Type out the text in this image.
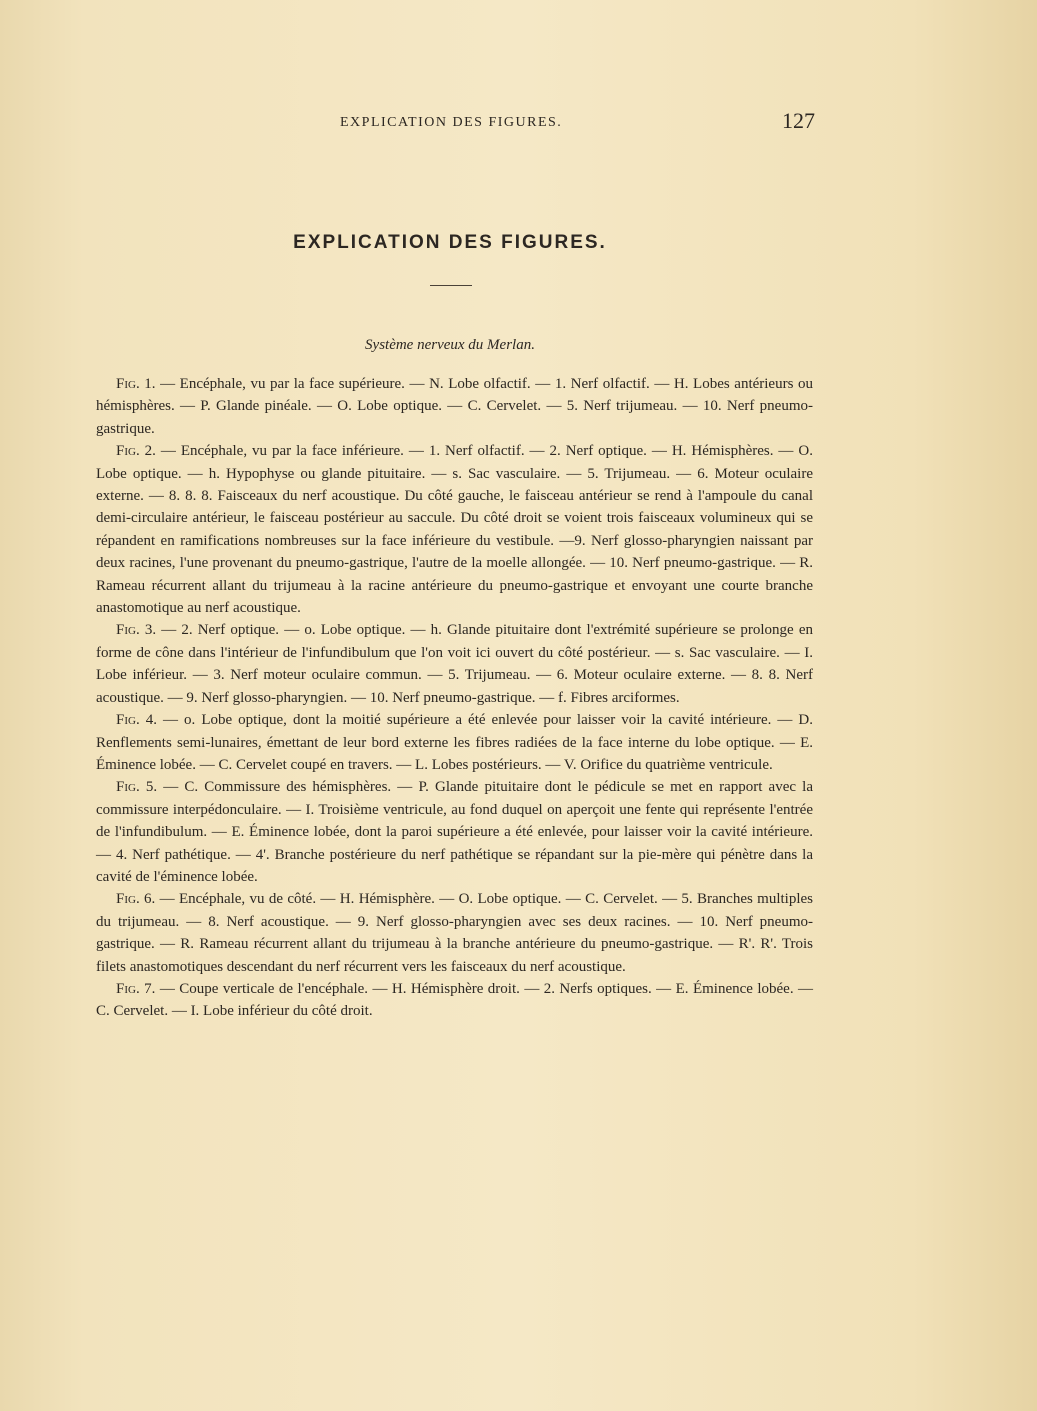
EXPLICATION DES FIGURES.	127
EXPLICATION DES FIGURES.
Système nerveux du Merlan.

Fig. 1. — Encéphale, vu par la face supérieure. — N. Lobe olfactif. — 1. Nerf olfactif. — H. Lobes antérieurs ou hémisphères. — P. Glande pinéale. — O. Lobe optique. — C. Cervelet. — 5. Nerf trijumeau. — 10. Nerf pneumo-gastrique.

Fig. 2. — Encéphale, vu par la face inférieure. — 1. Nerf olfactif. — 2. Nerf optique. — H. Hémisphères. — O. Lobe optique. — h. Hypophyse ou glande pituitaire. — s. Sac vasculaire. — 5. Trijumeau. — 6. Moteur oculaire externe. — 8. 8. 8. Faisceaux du nerf acoustique. Du côté gauche, le faisceau antérieur se rend à l'ampoule du canal demi-circulaire antérieur, le faisceau postérieur au saccule. Du côté droit se voient trois faisceaux volumineux qui se répandent en ramifications nombreuses sur la face inférieure du vestibule. —9. Nerf glosso-pharyngien naissant par deux racines, l'une provenant du pneumo-gastrique, l'autre de la moelle allongée. — 10. Nerf pneumo-gastrique. — R. Rameau récurrent allant du trijumeau à la racine antérieure du pneumo-gastrique et envoyant une courte branche anastomotique au nerf acoustique.

Fig. 3. — 2. Nerf optique. — o. Lobe optique. — h. Glande pituitaire dont l'extrémité supérieure se prolonge en forme de cône dans l'intérieur de l'infundibulum que l'on voit ici ouvert du côté postérieur. — s. Sac vasculaire. — I. Lobe inférieur. — 3. Nerf moteur oculaire commun. — 5. Trijumeau. — 6. Moteur oculaire externe. — 8. 8. Nerf acoustique. — 9. Nerf glosso-pharyngien. — 10. Nerf pneumo-gastrique. — f. Fibres arciformes.

Fig. 4. — o. Lobe optique, dont la moitié supérieure a été enlevée pour laisser voir la cavité intérieure. — D. Renflements semi-lunaires, émettant de leur bord externe les fibres radiées de la face interne du lobe optique. — E. Éminence lobée. — C. Cervelet coupé en travers. — L. Lobes postérieurs. — V. Orifice du quatrième ventricule.

Fig. 5. — C. Commissure des hémisphères. — P. Glande pituitaire dont le pédicule se met en rapport avec la commissure interpédonculaire. — I. Troisième ventricule, au fond duquel on aperçoit une fente qui représente l'entrée de l'infundibulum. — E. Éminence lobée, dont la paroi supérieure a été enlevée, pour laisser voir la cavité intérieure. — 4. Nerf pathétique. — 4'. Branche postérieure du nerf pathétique se répandant sur la pie-mère qui pénètre dans la cavité de l'éminence lobée.

Fig. 6. — Encéphale, vu de côté. — H. Hémisphère. — O. Lobe optique. — C. Cervelet. — 5. Branches multiples du trijumeau. — 8. Nerf acoustique. — 9. Nerf glosso-pharyngien avec ses deux racines. — 10. Nerf pneumo-gastrique. — R. Rameau récurrent allant du trijumeau à la branche antérieure du pneumo-gastrique. — R'. R'. Trois filets anastomotiques descendant du nerf récurrent vers les faisceaux du nerf acoustique.

Fig. 7. — Coupe verticale de l'encéphale. — H. Hémisphère droit. — 2. Nerfs optiques. — E. Éminence lobée. — C. Cervelet. — I. Lobe inférieur du côté droit.
